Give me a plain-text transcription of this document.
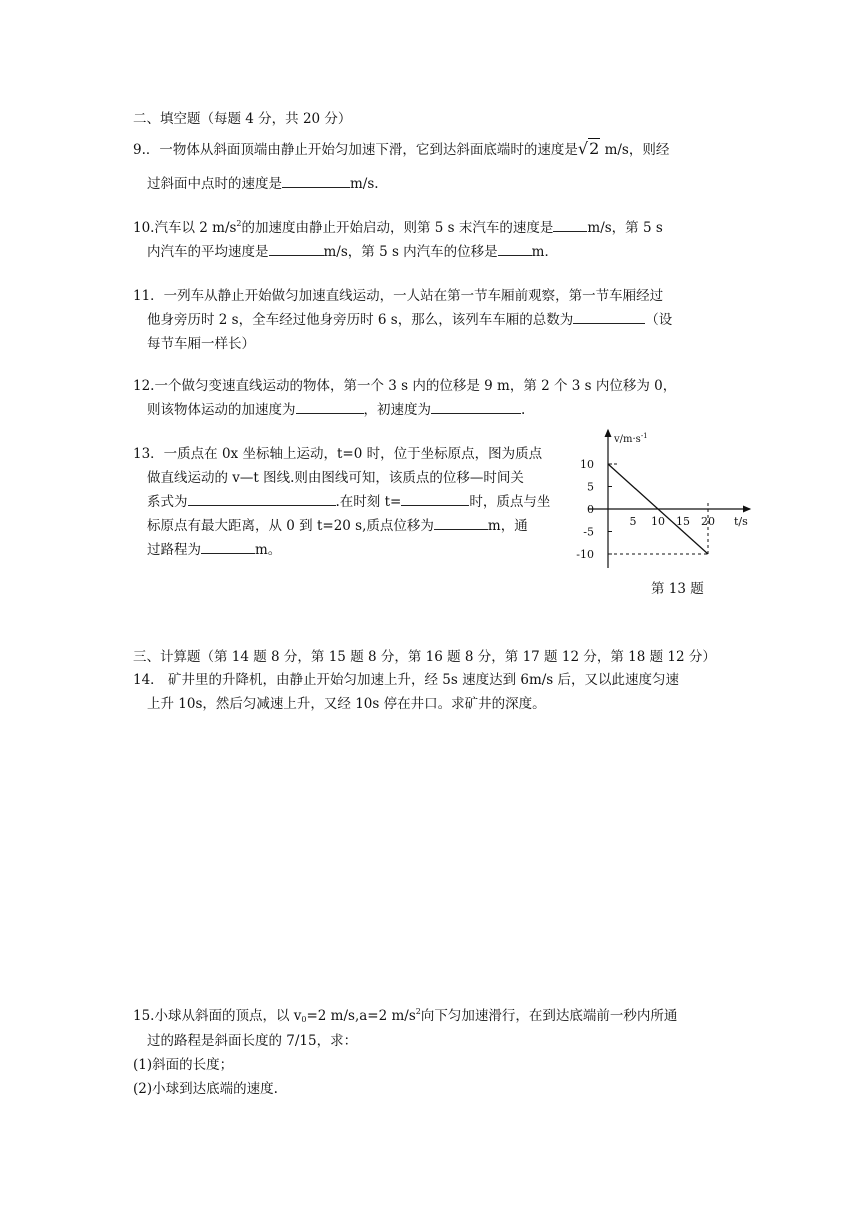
二、填空题（每题 4 分，共 20 分）
9.．一物体从斜面顶端由静止开始匀加速下滑，它到达斜面底端时的速度是√2 m/s，则经
过斜面中点时的速度是	m/s.
10.汽车以 2 $m/s^2$的加速度由静止开始启动，则第 5 s 末汽车的速度是	m/s，第 5 s
内汽车的平均速度是	m/s，第 5 s 内汽车的位移是	m．
11．一列车从静止开始做匀加速直线运动，一人站在第一节车厢前观察，第一节车厢经过
他身旁历时 2 s，全车经过他身旁历时 6 s，那么，该列车车厢的总数为	（设
每节车厢一样长）
12.一个做匀变速直线运动的物体，第一个 3 s 内的位移是 9 m，第 2 个 3 s 内位移为 0，
则该物体运动的加速度为	，初速度为	.
13．一质点在 0x 坐标轴上运动，t=0 时，位于坐标原点，图为质点
做直线运动的 v—t 图线.则由图线可知，该质点的位移—时间关
系式为	.在时刻 t=	时，质点与坐
标原点有最大距离，从 0 到 t=20 s,质点位移为	m，通
过路程为	m。
$v/m\cdot s^{-1}$
t/s
10
5
0
-5
-10
5 10 15 20
第 13 题
三、计算题（第 14 题 8 分，第 15 题 8 分，第 16 题 8 分，第 17 题 12 分，第 18 题 12 分）
14． 矿井里的升降机，由静止开始匀加速上升，经 5s 速度达到 6m/s 后，又以此速度匀速
上升 10s，然后匀减速上升，又经 10s 停在井口。求矿井的深度。
15.小球从斜面的顶点，以 $v_0=2$ m/s,a=2 $m/s^2$向下匀加速滑行，在到达底端前一秒内所通
过的路程是斜面长度的 7/15，求：
(1)斜面的长度；
(2)小球到达底端的速度.
